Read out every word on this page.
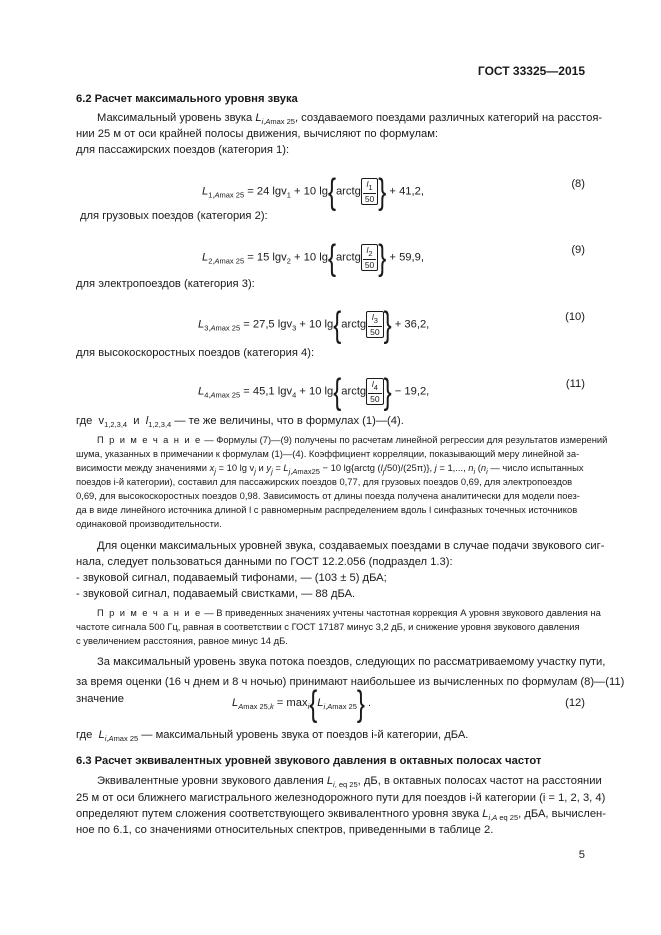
ГОСТ 33325—2015
6.2 Расчет максимального уровня звука
Максимальный уровень звука $L_{i,Amax 25}$, создаваемого поездами различных категорий на расстоя-
нии 25 м от оси крайней полосы движения, вычисляют по формулам:
для пассажирских поездов (категория 1):
$L_{1,Amax 25} = 24$ lgv$_1$ + 10 lg{arctg $\frac{l_1}{50}$ } + 41,2,
(8)
для грузовых поездов (категория 2):
$L_{2,Amax 25} = 15$ lgv$_2$ + 10 lg{arctg $\frac{l_2}{50}$ } + 59,9,
(9)
для электропоездов (категория 3):
$L_{3,Amax 25} = 27,5$ lgv$_3$ + 10 lg{arctg $\frac{l_3}{50}$ } + 36,2,
(10)
для высокоскоростных поездов (категория 4):
$L_{4,Amax 25} = 45,1$ lgv$_4$ + 10 lg{arctg $\frac{l_4}{50}$ } − 19,2,
(11)
где  $v_{1,2,3,4}$ и $l_{1,2,3,4}$ — те же величины, что в формулах (1)—(4).
П р и м е ч а н и е — Формулы (7)—(9) получены по расчетам линейной регрессии для результатов измерений
шума, указанных в примечании к формулам (1)—(4). Коэффициент корреляции, показывающий меру линейной за-
висимости между значениями $x_j = 10$ $\lg v_j$ и $y_j = L_{j,Amax25} - 10$ lg{arctg $(l_j/50)/(25\pi)$}, j = 1,..., $n_i$ ($n_i$ — число испытанных
поездов i-й категории), составил для пассажирских поездов 0,77, для грузовых поездов 0,69, для электропоездов
0,69, для высокоскоростных поездов 0,98. Зависимость от длины поезда получена аналитически для модели поез-
да в виде линейного источника длиной l с равномерным распределением вдоль l синфазных точечных источников
одинаковой производительности.
Для оценки максимальных уровней звука, создаваемых поездами в случае подачи звукового сиг-
нала, следует пользоваться данными по ГОСТ 12.2.056 (подраздел 1.3):
- звуковой сигнал, подаваемый тифонами, — (103 ± 5) дБА;
- звуковой сигнал, подаваемый свистками, — 88 дБА.
П р и м е ч а н и е — В приведенных значениях учтены частотная коррекция А уровня звукового давления на
частоте сигнала 500 Гц, равная в соответствии с ГОСТ 17187 минус 3,2 дБ, и снижение уровня звукового давления
с увеличением расстояния, равное минус 14 дБ.
За максимальный уровень звука потока поездов, следующих по рассматриваемому участку пути,
за время оценки (16 ч днем и 8 ч ночью) принимают наибольшее из вычисленных по формулам (8)—(11)
значение	$L_{Amax 25,k} = \max_i\{L_{i,Amax 25}\}$ .	(12)
где $L_{i,Amax 25}$ — максимальный уровень звука от поездов i-й категории, дБА.
6.3 Расчет эквивалентных уровней звукового давления в октавных полосах частот
Эквивалентные уровни звукового давления $L_{i, eq 25}$, дБ, в октавных полосах частот на расстоянии
25 м от оси ближнего магистрального железнодорожного пути для поездов i-й категории (i = 1, 2, 3, 4)
определяют путем сложения соответствующего эквивалентного уровня звука $L_{i,A eq 25}$, дБА, вычислен-
ное по 6.1, со значениями относительных спектров, приведенными в таблице 2.
5
